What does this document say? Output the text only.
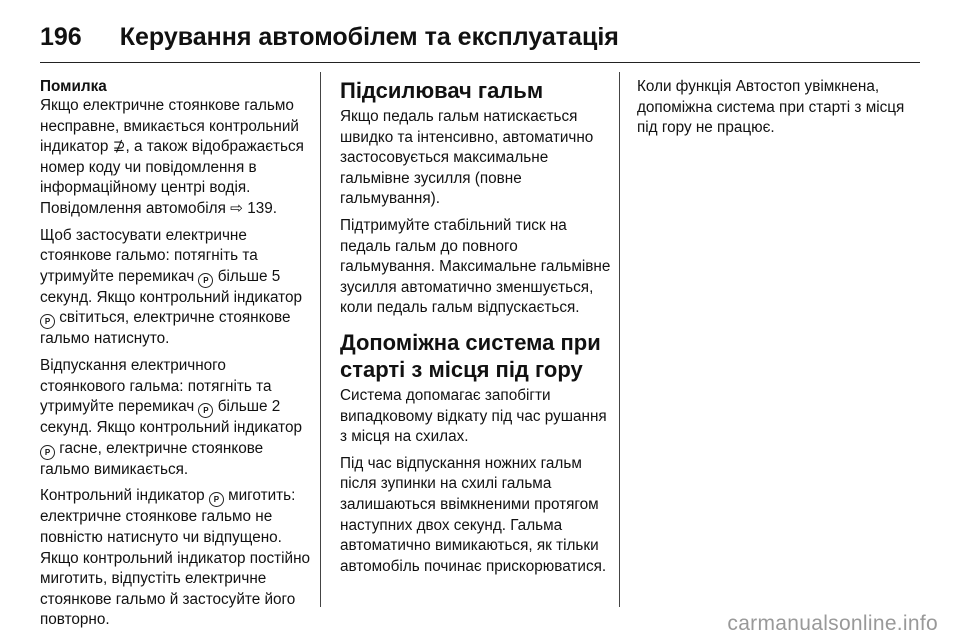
196 Керування автомобілем та експлуатація
Помилка

Якщо електричне стоянкове гальмо несправне, вмикається контрольний індикатор ⊉, а також відображається номер коду чи повідомлення в інформаційному центрі водія. Повідомлення автомобіля ⇨ 139.

Щоб застосувати електричне стоянкове гальмо: потягніть та утримуйте перемикач P більше 5 секунд. Якщо контрольний індикатор P світиться, електричне стоянкове гальмо натиснуто.

Відпускання електричного стоянкового гальма: потягніть та утримуйте перемикач P більше 2 секунд. Якщо контрольний індикатор P гасне, електричне стоянкове гальмо вимикається.

Контрольний індикатор P миготить: електричне стоянкове гальмо не повністю натиснуто чи відпущено. Якщо контрольний індикатор постійно миготить, відпустіть електричне стоянкове гальмо й застосуйте його повторно.

Підсилювач гальм

Якщо педаль гальм натискається швидко та інтенсивно, автоматично застосовується максимальне гальмівне зусилля (повне гальмування).

Підтримуйте стабільний тиск на педаль гальм до повного гальмування. Максимальне гальмівне зусилля автоматично зменшується, коли педаль гальм відпускається.

Допоміжна система при старті з місця під гору

Система допомагає запобігти випадковому відкату під час рушання з місця на схилах.

Під час відпускання ножних гальм після зупинки на схилі гальма залишаються ввімкненими протягом наступних двох секунд. Гальма автоматично вимикаються, як тільки автомобіль починає прискорюватися.

Коли функція Автостоп увімкнена, допоміжна система при старті з місця під гору не працює.

carmanualsonline.info
